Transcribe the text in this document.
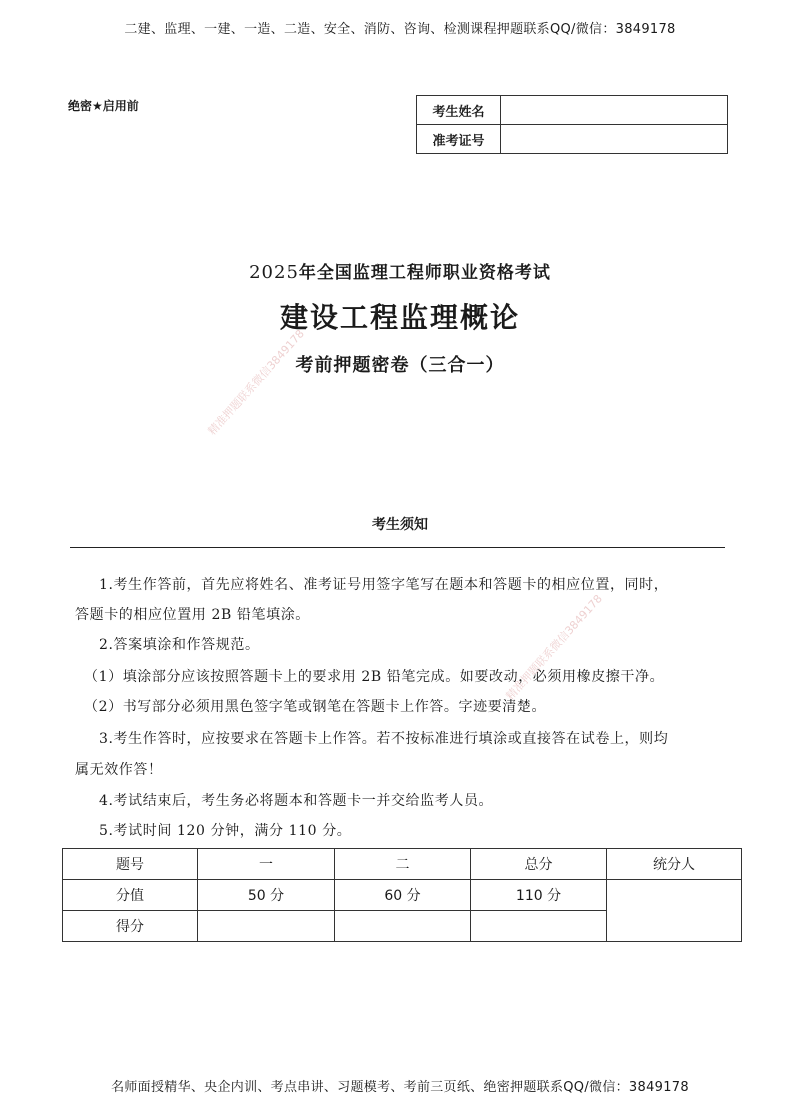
二建、监理、一建、一造、二造、安全、消防、咨询、检测课程押题联系QQ/微信：3849178
绝密★启用前	考生姓名	
准考证号	
2025年全国监理工程师职业资格考试
建设工程监理概论
考前押题密卷（三合一）
精准押题联系微信3849178
精准押题联系微信3849178
考生须知
1.考生作答前，首先应将姓名、准考证号用签字笔写在题本和答题卡的相应位置，同时，
答题卡的相应位置用 2B 铅笔填涂。
2.答案填涂和作答规范。
（1）填涂部分应该按照答题卡上的要求用 2B 铅笔完成。如要改动，必须用橡皮擦干净。
（2）书写部分必须用黑色签字笔或钢笔在答题卡上作答。字迹要清楚。
3.考生作答时，应按要求在答题卡上作答。若不按标准进行填涂或直接答在试卷上，则均
属无效作答！
4.考试结束后，考生务必将题本和答题卡一并交给监考人员。
5.考试时间 120 分钟，满分 110 分。
题号	一	二	总分	统分人
分值	50 分	60 分	110 分	
得分				
名师面授精华、央企内训、考点串讲、习题模考、考前三页纸、绝密押题联系QQ/微信：3849178
